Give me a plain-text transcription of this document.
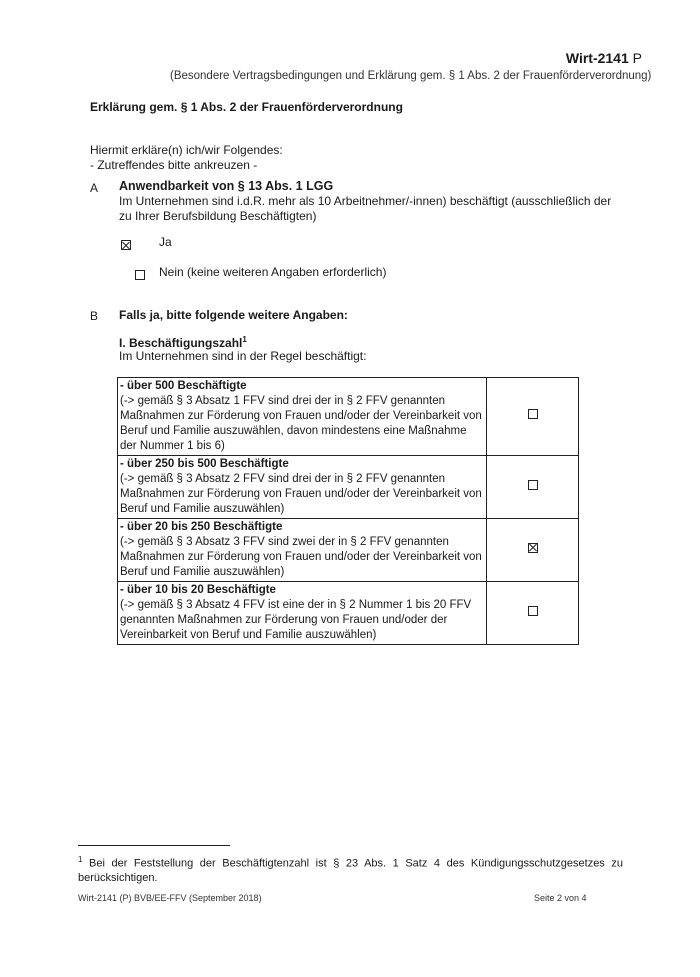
Wirt-2141 P
(Besondere Vertragsbedingungen und Erklärung gem. § 1 Abs. 2 der Frauenförderverordnung)
Erklärung gem. § 1 Abs. 2 der Frauenförderverordnung
Hiermit erkläre(n) ich/wir Folgendes:
- Zutreffendes bitte ankreuzen -
A Anwendbarkeit von § 13 Abs. 1 LGG
Im Unternehmen sind i.d.R. mehr als 10 Arbeitnehmer/-innen) beschäftigt (ausschließlich der zu Ihrer Berufsbildung Beschäftigten)

Ja
Nein (keine weiteren Angaben erforderlich)
B Falls ja, bitte folgende weitere Angaben:
I. Beschäftigungszahl$^1$
Im Unternehmen sind in der Regel beschäftigt:
- über 500 Beschäftigte
(-> gemäß § 3 Absatz 1 FFV sind drei der in § 2 FFV genannten Maßnahmen zur Förderung von Frauen und/oder der Vereinbarkeit von Beruf und Familie auszuwählen, davon mindestens eine Maßnahme der Nummer 1 bis 6)	

- über 250 bis 500 Beschäftigte
(-> gemäß § 3 Absatz 2 FFV sind drei der in § 2 FFV genannten Maßnahmen zur Förderung von Frauen und/oder der Vereinbarkeit von Beruf und Familie auszuwählen)	

- über 20 bis 250 Beschäftigte
(-> gemäß § 3 Absatz 3 FFV sind zwei der in § 2 FFV genannten Maßnahmen zur Förderung von Frauen und/oder der Vereinbarkeit von Beruf und Familie auszuwählen)	

- über 10 bis 20 Beschäftigte
(-> gemäß § 3 Absatz 4 FFV ist eine der in § 2 Nummer 1 bis 20 FFV genannten Maßnahmen zur Förderung von Frauen und/oder der Vereinbarkeit von Beruf und Familie auszuwählen)	

$^1$ Bei der Feststellung der Beschäftigtenzahl ist § 23 Abs. 1 Satz 4 des Kündigungsschutzgesetzes zu berücksichtigen.
Wirt-2141 (P) BVB/EE-FFV (September 2018)	Seite 2 von 4
